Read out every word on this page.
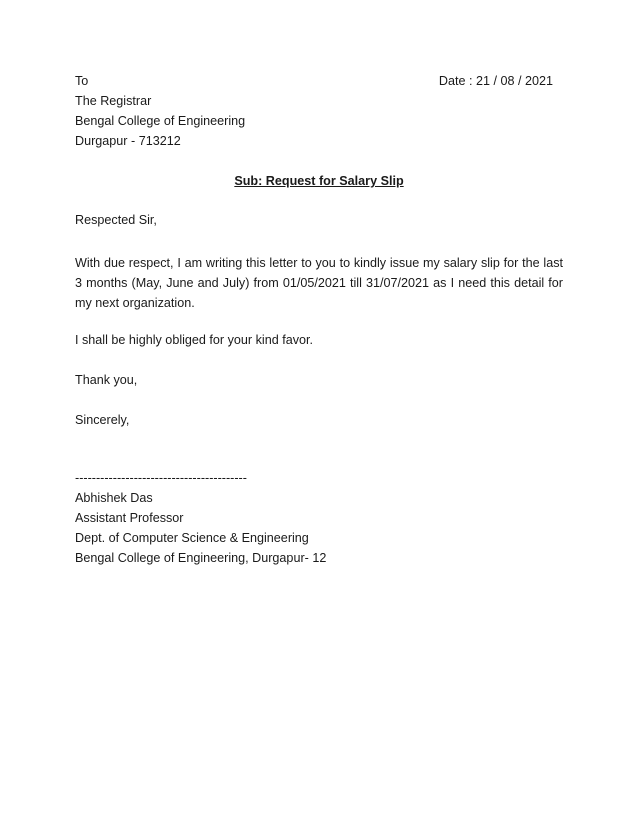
To	Date : 21 / 08 / 2021
The Registrar
Bengal College of Engineering
Durgapur - 713212
Sub: Request for Salary Slip
Respected Sir,
With due respect, I am writing this letter to you to kindly issue my salary slip for the last 3 months (May, June and July) from 01/05/2021 till 31/07/2021 as I need this detail for my next organization.
I shall be highly obliged for your kind favor.
Thank you,
Sincerely,
-----------------------------------------
Abhishek Das
Assistant Professor
Dept. of Computer Science & Engineering
Bengal College of Engineering, Durgapur- 12
